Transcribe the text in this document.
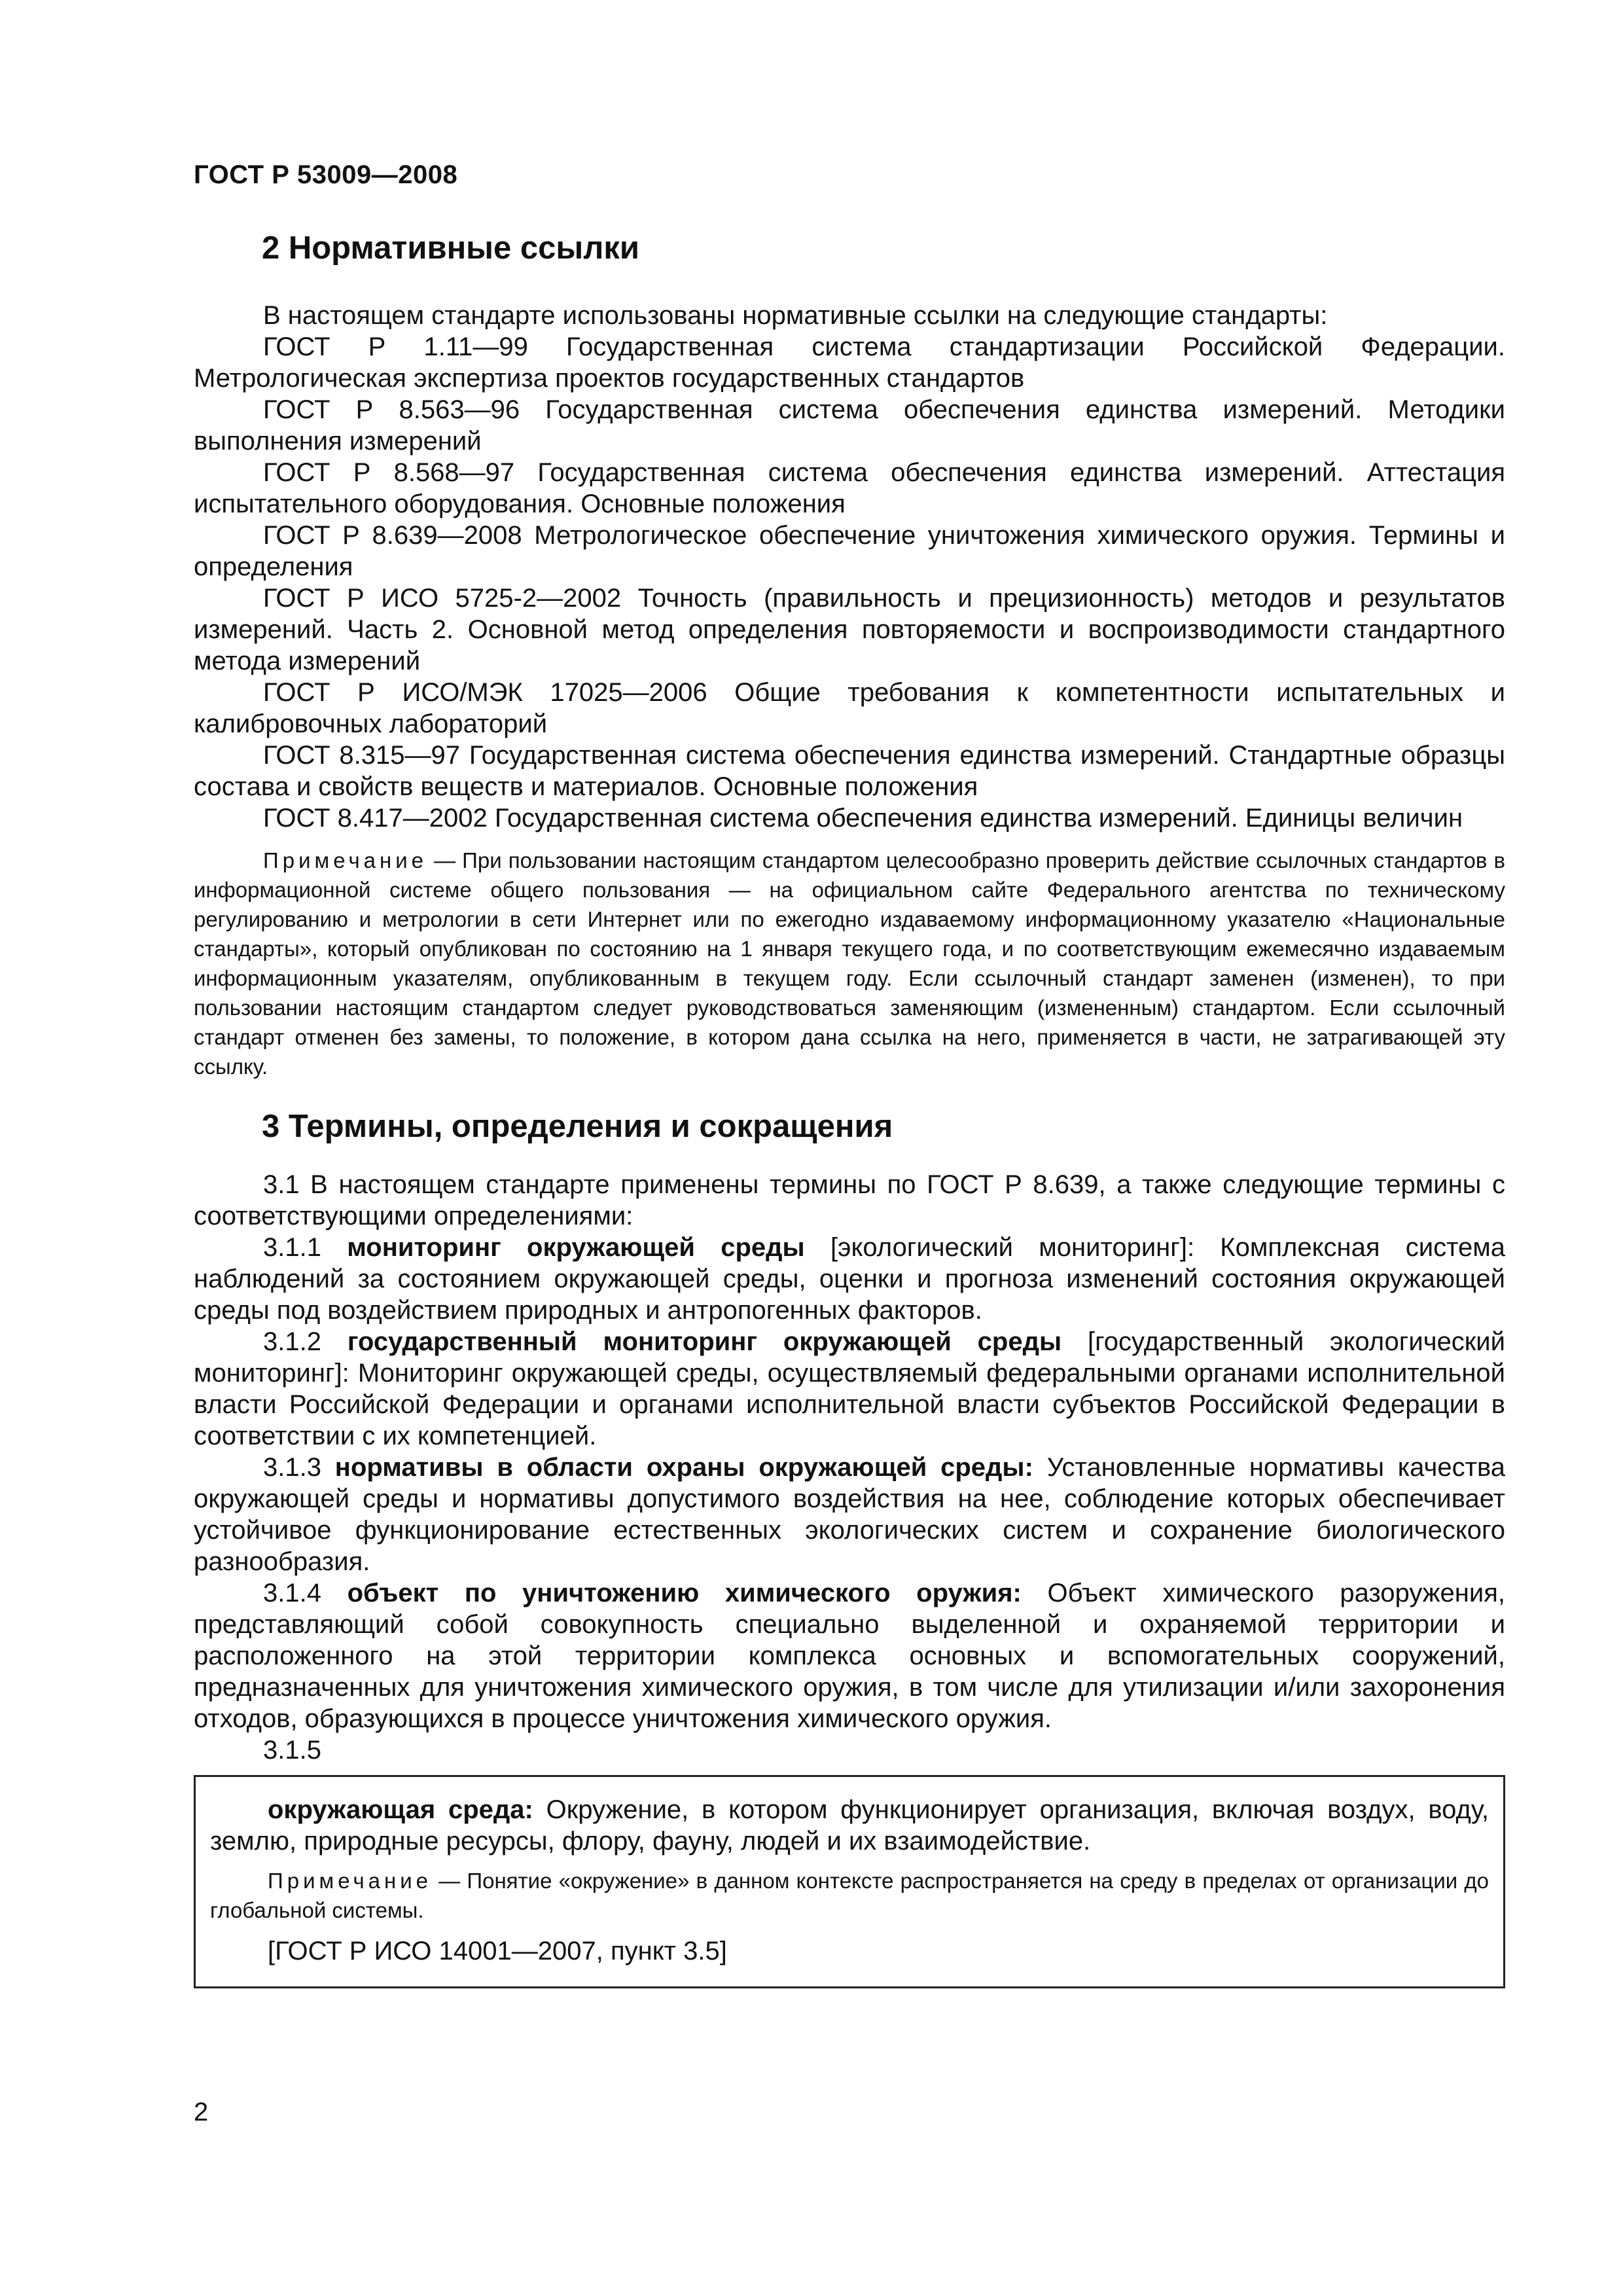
ГОСТ Р 53009—2008
2 Нормативные ссылки

В настоящем стандарте использованы нормативные ссылки на следующие стандарты:

ГОСТ Р 1.11—99 Государственная система стандартизации Российской Федерации. Метрологическая экспертиза проектов государственных стандартов

ГОСТ Р 8.563—96 Государственная система обеспечения единства измерений. Методики выполнения измерений

ГОСТ Р 8.568—97 Государственная система обеспечения единства измерений. Аттестация испытательного оборудования. Основные положения

ГОСТ Р 8.639—2008 Метрологическое обеспечение уничтожения химического оружия. Термины и определения

ГОСТ Р ИСО 5725-2—2002 Точность (правильность и прецизионность) методов и результатов измерений. Часть 2. Основной метод определения повторяемости и воспроизводимости стандартного метода измерений

ГОСТ Р ИСО/МЭК 17025—2006 Общие требования к компетентности испытательных и калибровочных лабораторий

ГОСТ 8.315—97 Государственная система обеспечения единства измерений. Стандартные образцы состава и свойств веществ и материалов. Основные положения

ГОСТ 8.417—2002 Государственная система обеспечения единства измерений. Единицы величин

Примечание — При пользовании настоящим стандартом целесообразно проверить действие ссылочных стандартов в информационной системе общего пользования — на официальном сайте Федерального агентства по техническому регулированию и метрологии в сети Интернет или по ежегодно издаваемому информационному указателю «Национальные стандарты», который опубликован по состоянию на 1 января текущего года, и по соответствующим ежемесячно издаваемым информационным указателям, опубликованным в текущем году. Если ссылочный стандарт заменен (изменен), то при пользовании настоящим стандартом следует руководствоваться заменяющим (измененным) стандартом. Если ссылочный стандарт отменен без замены, то положение, в котором дана ссылка на него, применяется в части, не затрагивающей эту ссылку.

3 Термины, определения и сокращения

3.1 В настоящем стандарте применены термины по ГОСТ Р 8.639, а также следующие термины с соответствующими определениями:

3.1.1 мониторинг окружающей среды [экологический мониторинг]: Комплексная система наблюдений за состоянием окружающей среды, оценки и прогноза изменений состояния окружающей среды под воздействием природных и антропогенных факторов.

3.1.2 государственный мониторинг окружающей среды [государственный экологический мониторинг]: Мониторинг окружающей среды, осуществляемый федеральными органами исполнительной власти Российской Федерации и органами исполнительной власти субъектов Российской Федерации в соответствии с их компетенцией.

3.1.3 нормативы в области охраны окружающей среды: Установленные нормативы качества окружающей среды и нормативы допустимого воздействия на нее, соблюдение которых обеспечивает устойчивое функционирование естественных экологических систем и сохранение биологического разнообразия.

3.1.4 объект по уничтожению химического оружия: Объект химического разоружения, представляющий собой совокупность специально выделенной и охраняемой территории и расположенного на этой территории комплекса основных и вспомогательных сооружений, предназначенных для уничтожения химического оружия, в том числе для утилизации и/или захоронения отходов, образующихся в процессе уничтожения химического оружия.

3.1.5

окружающая среда: Окружение, в котором функционирует организация, включая воздух, воду, землю, природные ресурсы, флору, фауну, людей и их взаимодействие.

Примечание — Понятие «окружение» в данном контексте распространяется на среду в пределах от организации до глобальной системы.

[ГОСТ Р ИСО 14001—2007, пункт 3.5]

2
